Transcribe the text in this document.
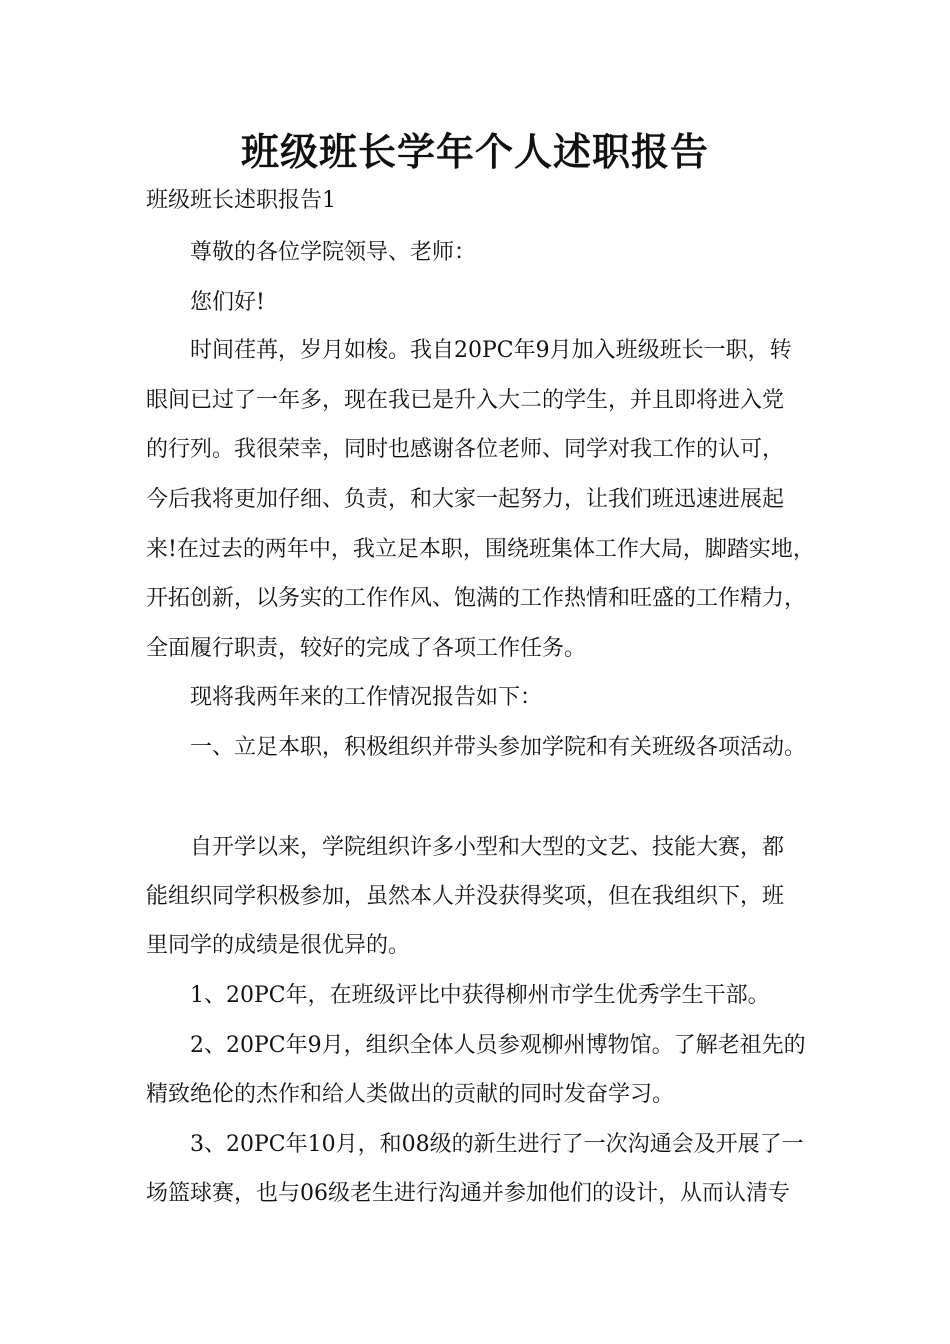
班级班长学年个人述职报告
班级班长述职报告1
尊敬的各位学院领导、老师：
您们好!
时间荏苒，岁月如梭。我自20PC年9月加入班级班长一职，转
眼间已过了一年多，现在我已是升入大二的学生，并且即将进入党
的行列。我很荣幸，同时也感谢各位老师、同学对我工作的认可，
今后我将更加仔细、负责，和大家一起努力，让我们班迅速进展起
来!在过去的两年中，我立足本职，围绕班集体工作大局，脚踏实地，
开拓创新，以务实的工作作风、饱满的工作热情和旺盛的工作精力，
全面履行职责，较好的完成了各项工作任务。
现将我两年来的工作情况报告如下：
一、立足本职，积极组织并带头参加学院和有关班级各项活动。
自开学以来，学院组织许多小型和大型的文艺、技能大赛，都
能组织同学积极参加，虽然本人并没获得奖项，但在我组织下，班
里同学的成绩是很优异的。
1、20PC年，在班级评比中获得柳州市学生优秀学生干部。
2、20PC年9月，组织全体人员参观柳州博物馆。了解老祖先的
精致绝伦的杰作和给人类做出的贡献的同时发奋学习。
3、20PC年10月，和08级的新生进行了一次沟通会及开展了一
场篮球赛，也与06级老生进行沟通并参加他们的设计，从而认清专
